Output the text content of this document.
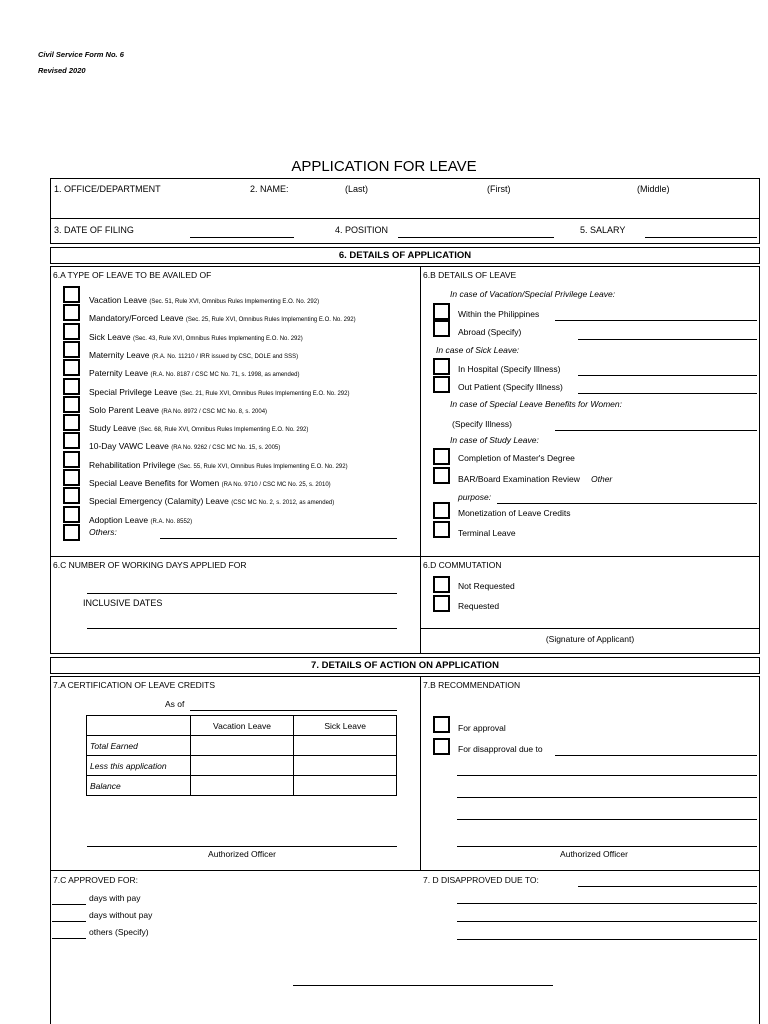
Civil Service Form No. 6
Revised 2020
APPLICATION FOR LEAVE
1. OFFICE/DEPARTMENT	2. NAME:	(Last)	(First)	(Middle)
3. DATE OF FILING	4. POSITION	5. SALARY
6. DETAILS OF APPLICATION
6.A TYPE OF LEAVE TO BE AVAILED OF
Vacation Leave (Sec. 51, Rule XVI, Omnibus Rules Implementing E.O. No. 292)
Mandatory/Forced Leave (Sec. 25, Rule XVI, Omnibus Rules Implementing E.O. No. 292)
Sick Leave (Sec. 43, Rule XVI, Omnibus Rules Implementing E.O. No. 292)
Maternity Leave (R.A. No. 11210 / IRR issued by CSC, DOLE and SSS)
Paternity Leave (R.A. No. 8187 / CSC MC No. 71, s. 1998, as amended)
Special Privilege Leave (Sec. 21, Rule XVI, Omnibus Rules Implementing E.O. No. 292)
Solo Parent Leave (RA No. 8972 / CSC MC No. 8, s. 2004)
Study Leave (Sec. 68, Rule XVI, Omnibus Rules Implementing E.O. No. 292)
10-Day VAWC Leave (RA No. 9262 / CSC MC No. 15, s. 2005)
Rehabilitation Privilege (Sec. 55, Rule XVI, Omnibus Rules Implementing E.O. No. 292)
Special Leave Benefits for Women (RA No. 9710 / CSC MC No. 25, s. 2010)
Special Emergency (Calamity) Leave (CSC MC No. 2, s. 2012, as amended)
Adoption Leave (R.A. No. 8552)
Others:
6.B DETAILS OF LEAVE
In case of Vacation/Special Privilege Leave:
Within the Philippines
Abroad (Specify)
In case of Sick Leave:
In Hospital (Specify Illness)
Out Patient (Specify Illness)
In case of Special Leave Benefits for Women:
(Specify Illness)
In case of Study Leave:
Completion of Master's Degree
BAR/Board Examination Review Other
purpose:
Monetization of Leave Credits
Terminal Leave
6.C NUMBER OF WORKING DAYS APPLIED FOR
INCLUSIVE DATES
6.D COMMUTATION
Not Requested
Requested
(Signature of Applicant)
7. DETAILS OF ACTION ON APPLICATION
7.A CERTIFICATION OF LEAVE CREDITS
As of
	Vacation Leave	Sick Leave
Total Earned		
Less this application		
Balance		
Authorized Officer
7.B RECOMMENDATION
For approval
For disapproval due to
Authorized Officer
7.C APPROVED FOR:
days with pay
days without pay
others (Specify)
7. D DISAPPROVED DUE TO:
